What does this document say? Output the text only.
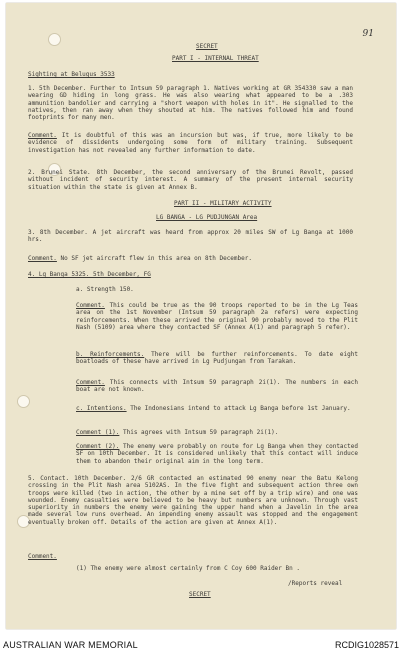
91
SECRET
PART I - INTERNAL THREAT
Sighting at Belugus 3533
1. 5th December. Further to Intsum 59 paragraph 1. Natives working at GR 354330 saw a man wearing GD hiding in long grass. He was also wearing what appeared to be a .303 ammunition bandolier and carrying a "short weapon with holes in it". He signalled to the natives, then ran away when they shouted at him. The natives followed him and found footprints for many men.
Comment. It is doubtful of this was an incursion but was, if true, more likely to be evidence of dissidents undergoing some form of military training. Subsequent investigation has not revealed any further information to date.
2. Brunei State. 8th December, the second anniversary of the Brunei Revolt, passed without incident of security interest. A summary of the present internal security situation within the state is given at Annex B.
PART II - MILITARY ACTIVITY
LG BANGA - LG PUDJUNGAN Area
3. 8th December. A jet aircraft was heard from approx 20 miles SW of Lg Banga at 1000 hrs.
Comment. No SF jet aircraft flew in this area on 8th December.
4. Lg Banga 5325. 5th December, FG
a. Strength 150.
Comment. This could be true as the 90 troops reported to be in the Lg Teas area on the 1st November (Intsum 59 paragraph 2a refers) were expecting reinforcements. When these arrived the original 90 probably moved to the Plit Nash (5109) area where they contacted SF (Annex A(1) and paragraph 5 refer).
b. Reinforcements. There will be further reinforcements. To date eight boatloads of these have arrived in Lg Pudjungan from Tarakan.
Comment. This connects with Intsum 59 paragraph 2i(1). The numbers in each boat are not known.
c. Intentions. The Indonesians intend to attack Lg Banga before 1st January.
Comment (1). This agrees with Intsum 59 paragraph 2i(1).
Comment (2). The enemy were probably on route for Lg Banga when they contacted SF on 10th December. It is considered unlikely that this contact will induce them to abandon their original aim in the long term.
5. Contact. 10th December. 2/6 GR contacted an estimated 90 enemy near the Batu Kelong crossing in the Plit Nash area 5102AS. In the five fight and subsequent action three own troops were killed (two in action, the other by a mine set off by a trip wire) and one was wounded. Enemy casualties were believed to be heavy but numbers are unknown. Through vast superiority in numbers the enemy were gaining the upper hand when a Javelin in the area made several low runs overhead. An impending enemy assault was stopped and the engagement eventually broken off. Details of the action are given at Annex A(1).
Comment.
(1) The enemy were almost certainly from C Coy 600 Raider Bn .
/Reports reveal
SECRET
AUSTRALIAN WAR MEMORIAL	RCDIG1028571
